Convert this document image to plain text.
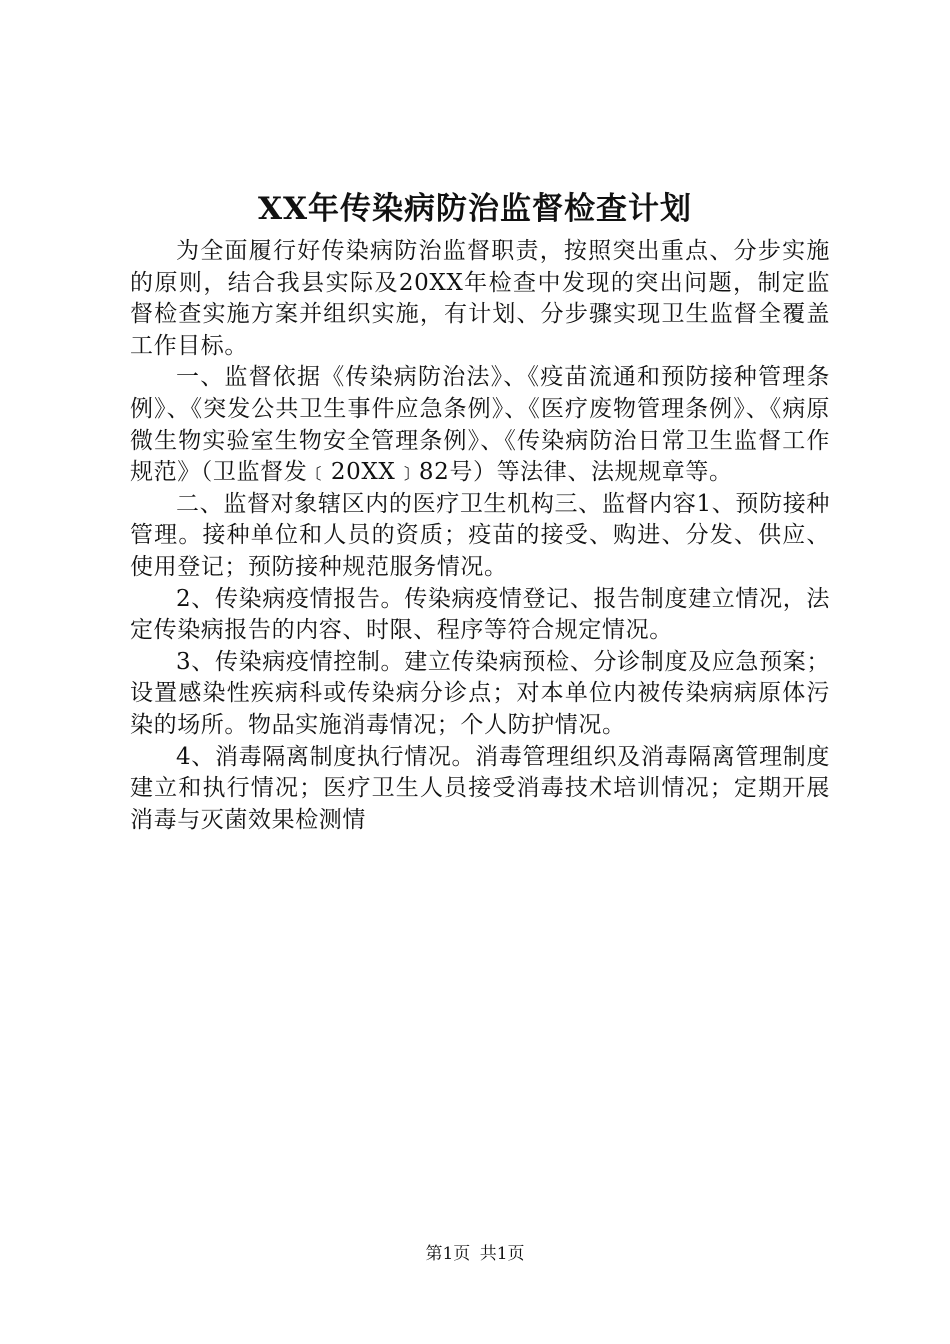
XX年传染病防治监督检查计划

为全面履行好传染病防治监督职责，按照突出重点、分步实施的原则，结合我县实际及20XX年检查中发现的突出问题，制定监督检查实施方案并组织实施，有计划、分步骤实现卫生监督全覆盖工作目标。

一、监督依据《传染病防治法》、《疫苗流通和预防接种管理条例》、《突发公共卫生事件应急条例》、《医疗废物管理条例》、《病原微生物实验室生物安全管理条例》、《传染病防治日常卫生监督工作规范》（卫监督发﹝20XX﹞82号）等法律、法规规章等。

二、监督对象辖区内的医疗卫生机构三、监督内容1、预防接种管理。接种单位和人员的资质；疫苗的接受、购进、分发、供应、使用登记；预防接种规范服务情况。

2、传染病疫情报告。传染病疫情登记、报告制度建立情况，法定传染病报告的内容、时限、程序等符合规定情况。

3、传染病疫情控制。建立传染病预检、分诊制度及应急预案；设置感染性疾病科或传染病分诊点；对本单位内被传染病病原体污染的场所。物品实施消毒情况；个人防护情况。

4、消毒隔离制度执行情况。消毒管理组织及消毒隔离管理制度建立和执行情况；医疗卫生人员接受消毒技术培训情况；定期开展消毒与灭菌效果检测情

第1页 共1页
